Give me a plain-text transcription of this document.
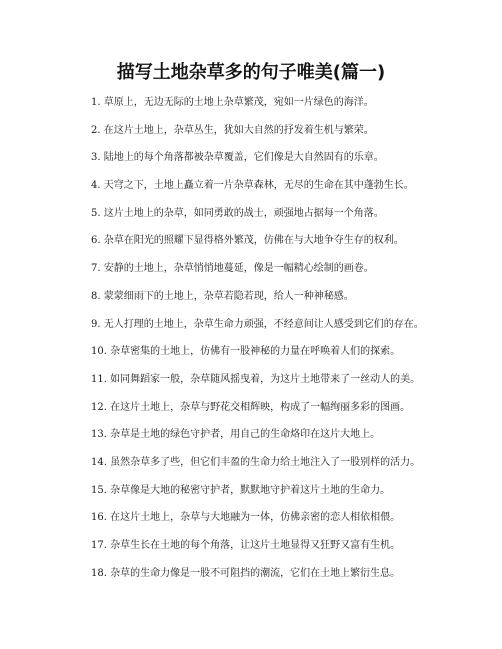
描写土地杂草多的句子唯美(篇一)
1. 草原上，无边无际的土地上杂草繁茂，宛如一片绿色的海洋。
2. 在这片土地上，杂草丛生，犹如大自然的抒发着生机与繁荣。
3. 陆地上的每个角落都被杂草覆盖，它们像是大自然固有的乐章。
4. 天穹之下，土地上矗立着一片杂草森林，无尽的生命在其中蓬勃生长。
5. 这片土地上的杂草，如同勇敢的战士，顽强地占据每一个角落。
6. 杂草在阳光的照耀下显得格外繁茂，仿佛在与大地争夺生存的权利。
7. 安静的土地上，杂草悄悄地蔓延，像是一幅精心绘制的画卷。
8. 蒙蒙细雨下的土地上，杂草若隐若现，给人一种神秘感。
9. 无人打理的土地上，杂草生命力顽强，不经意间让人感受到它们的存在。
10. 杂草密集的土地上，仿佛有一股神秘的力量在呼唤着人们的探索。
11. 如同舞蹈家一般，杂草随风摇曳着，为这片土地带来了一丝动人的美。
12. 在这片土地上，杂草与野花交相辉映，构成了一幅绚丽多彩的图画。
13. 杂草是土地的绿色守护者，用自己的生命烙印在这片大地上。
14. 虽然杂草多了些，但它们丰盈的生命力给土地注入了一股别样的活力。
15. 杂草像是大地的秘密守护者，默默地守护着这片土地的生命力。
16. 在这片土地上，杂草与大地融为一体，仿佛亲密的恋人相依相偎。
17. 杂草生长在土地的每个角落，让这片土地显得又狂野又富有生机。
18. 杂草的生命力像是一股不可阻挡的潮流，它们在土地上繁衍生息。
